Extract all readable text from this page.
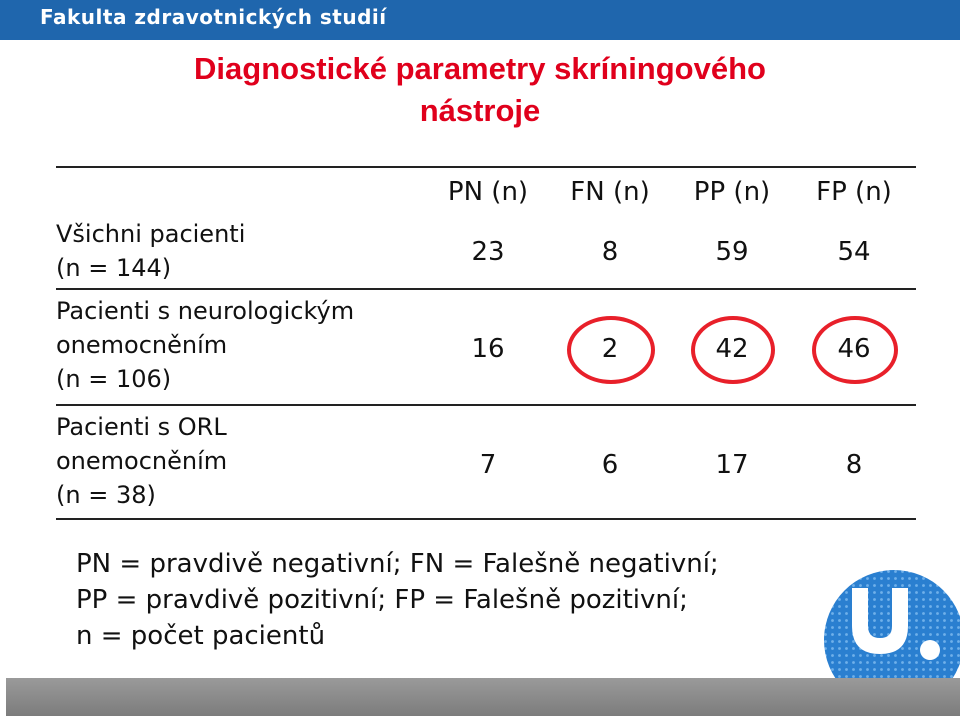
Fakulta zdravotnických studií
Diagnostické parametry skríningového
nástroje
PN (n)	FN (n)	PP (n)	FP (n)
Všichni pacienti
(n = 144)
23	8	59	54
Pacienti s neurologickým
onemocněním
(n = 106)
16	2	42	46
Pacienti s ORL
onemocněním
(n = 38)
7	6	17	8
PN = pravdivě negativní; FN = Falešně negativní;
PP = pravdivě pozitivní; FP = Falešně pozitivní;
n = počet pacientů
